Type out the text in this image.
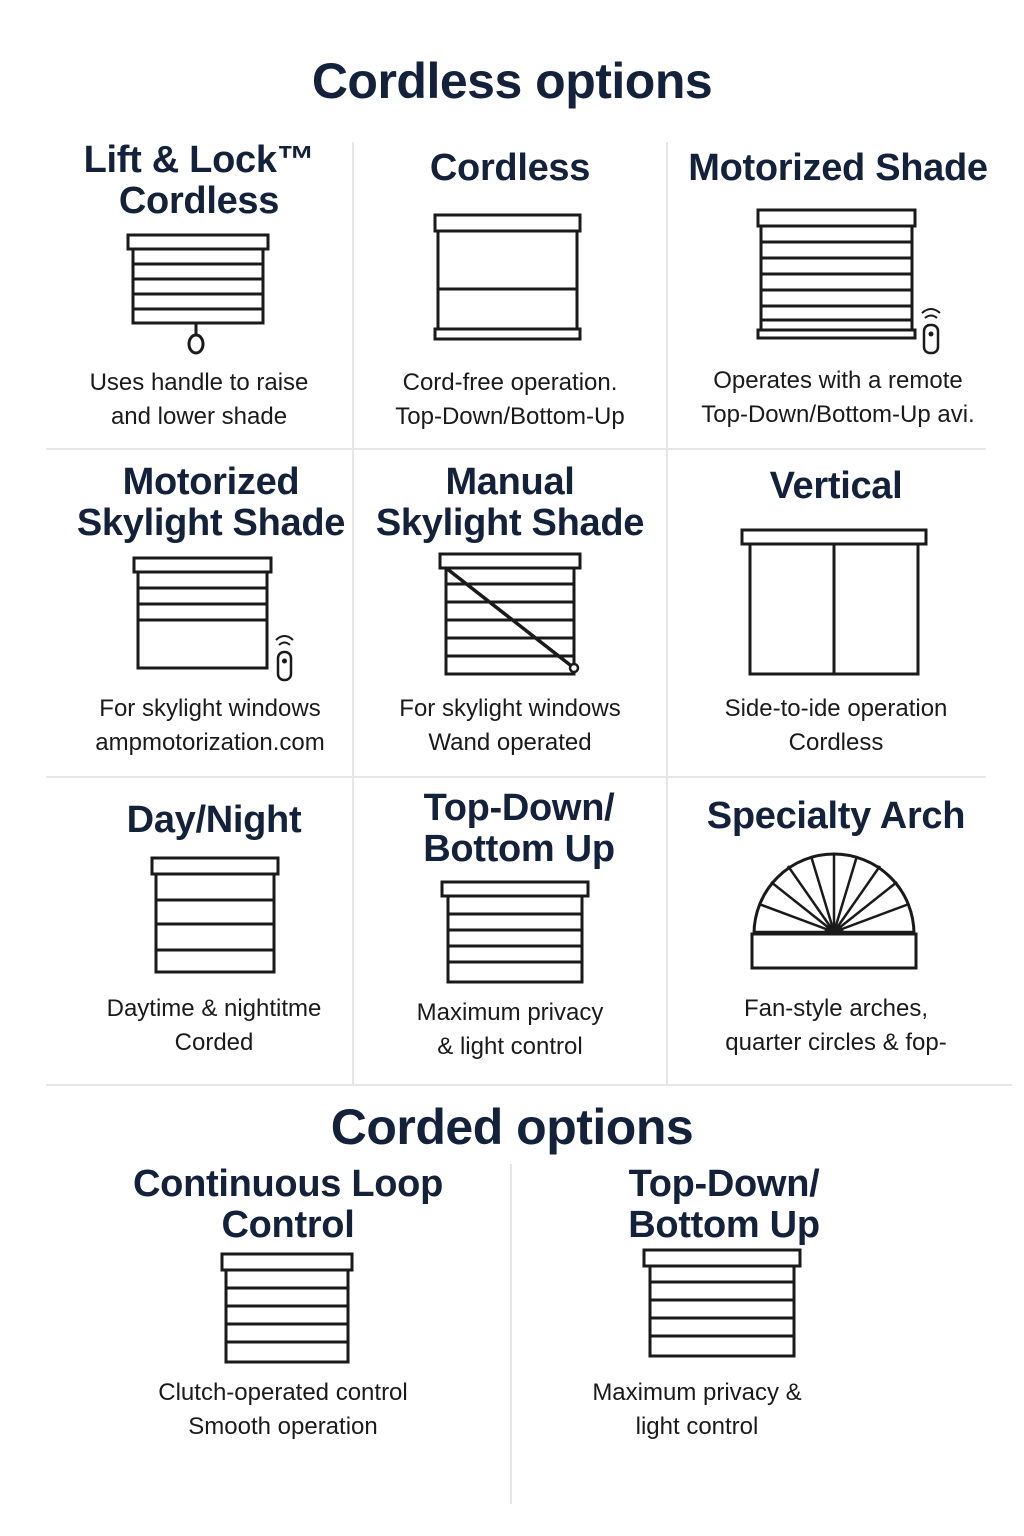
Cordless options
Corded options
Lift & Lock™
Cordless
Uses handle to raise
and lower shade
Cordless
Cord-free operation.
Top-Down/Bottom-Up
Motorized Shade
Operates with a remote
Top-Down/Bottom-Up avi.
Motorized
Skylight Shade
For skylight windows
ampmotorization.com
Manual
Skylight Shade
For skylight windows
Wand operated
Vertical
Side-to-ide operation
Cordless
Day/Night
Daytime & nightitme
Corded
Top-Down/
Bottom Up
Maximum privacy
& light control
Specialty Arch
Fan-style arches,
quarter circles & fop-
Continuous Loop
Control
Clutch-operated control
Smooth operation
Top-Down/
Bottom Up
Maximum privacy &
light control
